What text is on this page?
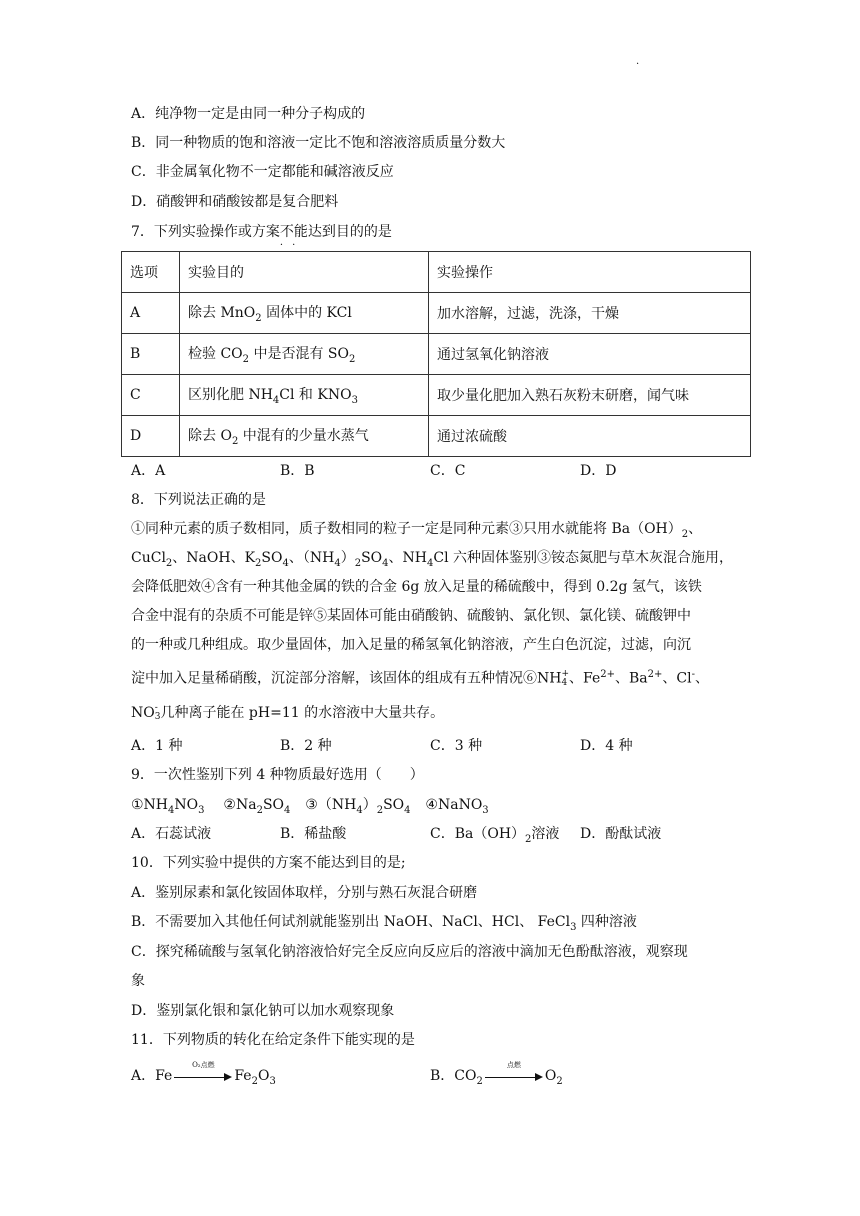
.
A．纯净物一定是由同一种分子构成的
B．同一种物质的饱和溶液一定比不饱和溶液溶质质量分数大
C．非金属氧化物不一定都能和碱溶液反应
D．硝酸钾和硝酸铵都是复合肥料
7．下列实验操作或方案不能
··
达到目的的是
选项	实验目的	实验操作
A	除去 MnO$_2$ 固体中的 KCl	加水溶解，过滤，洗涤，干燥
B	检验 $CO_2$ 中是否混有 $SO_2$	通过氢氧化钠溶液
C	区别化肥 $NH_4Cl$ 和 $KNO_3$	取少量化肥加入熟石灰粉末研磨，闻气味
D	除去 $O_2$ 中混有的少量水蒸气	通过浓硫酸
A．A	B．B	C．C	D．D
8．下列说法正确的是
①同种元素的质子数相同，质子数相同的粒子一定是同种元素③只用水就能将 $Ba(OH)_2$、
CuCl$_2$、NaOH、$K_2SO_4$、$(NH_4)_2SO_4$、$NH_4Cl$ 六种固体鉴别③铵态氮肥与草木灰混合施用，
会降低肥效④含有一种其他金属的铁的合金 6g 放入足量的稀硫酸中，得到 0.2g 氢气，该铁
合金中混有的杂质不可能是锌⑤某固体可能由硝酸钠、硫酸钠、氯化钡、氯化镁、硫酸钾中
的一种或几种组成。取少量固体，加入足量的稀氢氧化钠溶液，产生白色沉淀，过滤，向沉
淀中加入足量稀硝酸，沉淀部分溶解，该固体的组成有五种情况⑥NH +
4 、$Fe^{2+}$、$Ba^{2+}$、Cl-、
NO -
3 几种离子能在 pH=11 的水溶液中大量共存。
A．1 种	B．2 种	C．3 种	D．4 种
9．一次性鉴别下列 4 种物质最好选用（　　）
$①NH_4NO_3$ $②Na_2SO_4$ $③(NH_4)_2SO_4$ ④NaNO$_3$
A．石蕊试液	B．稀盐酸	C．$Ba(OH)_2$溶液 D．酚酞试液
10．下列实验中提供的方案不能达到目的是;
A．鉴别尿素和氯化铵固体取样，分别与熟石灰混合研磨
B．不需要加入其他任何试剂就能鉴别出 NaOH、NaCl、HCl、 FeCl$_3$ 四种溶液
C．探究稀硫酸与氢氧化钠溶液恰好完全反应向反应后的溶液中滴加无色酚酞溶液，观察现
象
D．鉴别氯化银和氯化钠可以加水观察现象
11．下列物质的转化在给定条件下能实现的是
A．Fe
O₂点燃
$Fe_2O_3$	B．$CO_2$
点燃
$O_2$
